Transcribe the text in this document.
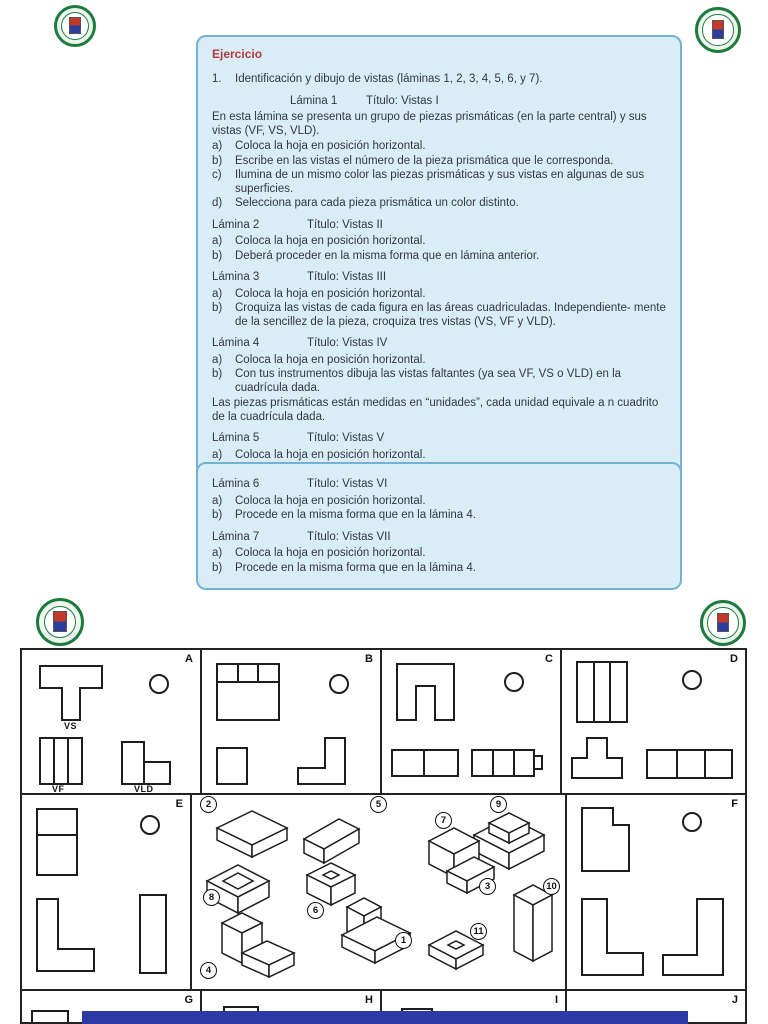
Ejercicio
1.	Identificación y dibujo de vistas (láminas 1, 2, 3, 4, 5, 6, y 7).
Lámina 1	Título: Vistas I

En esta lámina se presenta un grupo de piezas prismáticas (en la parte central) y sus vistas (VF, VS, VLD).

a)	Coloca la hoja en posición horizontal.
b)	Escribe en las vistas el número de la pieza prismática que le corresponda.
c)	Ilumina de un mismo color las piezas prismáticas y sus vistas en algunas de sus superficies.
d)	Selecciona para cada pieza prismática un color distinto.
Lámina 2	Título: Vistas II
a)	Coloca la hoja en posición horizontal.
b)	Deberá proceder en la misma forma que en lámina anterior.
Lámina 3	Título: Vistas III
a)	Coloca la hoja en posición horizontal.
b)	Croquiza las vistas de cada figura en las áreas cuadriculadas. Independiente- mente de la sencillez de la pieza, croquiza tres vistas (VS, VF y VLD).
Lámina 4	Título: Vistas IV
a)	Coloca la hoja en posición horizontal.
b)	Con tus instrumentos dibuja las vistas faltantes (ya sea VF, VS o VLD) en la cuadrícula dada.

Las piezas prismáticas están medidas en “unidades”, cada unidad equivale a n cuadrito de la cuadrícula dada.

Lámina 5	Título: Vistas V
a)	Coloca la hoja en posición horizontal.
Lámina 6	Título: Vistas VI
a)	Coloca la hoja en posición horizontal.
b)	Procede en la misma forma que en la lámina 4.
Lámina 7	Título: Vistas VII
a)	Coloca la hoja en posición horizontal.
b)	Procede en la misma forma que en la lámina 4.
VS
VF	VLD
A	B	C	D
E	2	5	9
7
3	10
8
6
1
11
4
F
G	H	I	J
